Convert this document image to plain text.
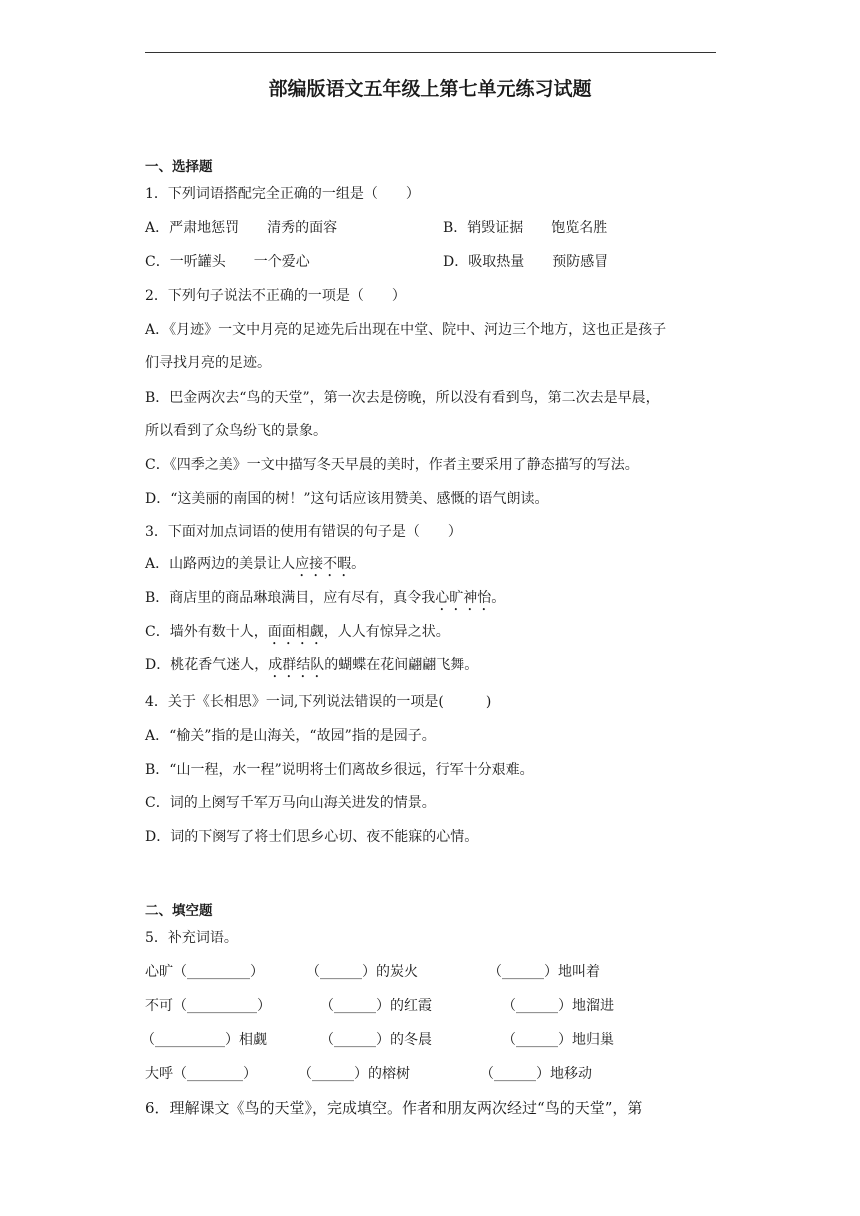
部编版语文五年级上第七单元练习试题
一、选择题
1．下列词语搭配完全正确的一组是（　　）
A．严肃地惩罚　　清秀的面容	B．销毁证据　　饱览名胜
C．一听罐头　　一个爱心	D．吸取热量　　预防感冒
2．下列句子说法不正确的一项是（　　）
A．《月迹》一文中月亮的足迹先后出现在中堂、院中、河边三个地方，这也正是孩子
们寻找月亮的足迹。
B．巴金两次去“鸟的天堂”，第一次去是傍晚，所以没有看到鸟，第二次去是早晨，
所以看到了众鸟纷飞的景象。
C．《四季之美》一文中描写冬天早晨的美时，作者主要采用了静态描写的写法。
D．“这美丽的南国的树！”这句话应该用赞美、感慨的语气朗读。
3．下面对加点词语的使用有错误的句子是（　　）
A．山路两边的美景让人应接不暇。
B．商店里的商品琳琅满目，应有尽有，真令我心旷神怡。
C．墙外有数十人，面面相觑，人人有惊异之状。
D．桃花香气迷人，成群结队的蝴蝶在花间翩翩飞舞。
4．关于《长相思》一词,下列说法错误的一项是(　　　)
A．“榆关”指的是山海关，“故园”指的是园子。
B．“山一程，水一程”说明将士们离故乡很远，行军十分艰难。
C．词的上阕写千军万马向山海关进发的情景。
D．词的下阕写了将士们思乡心切、夜不能寐的心情。
二、填空题
5．补充词语。
心旷（_________）	（______）的炭火	（______）地叫着
不可（__________）	（______）的红霞	（______）地溜进
（__________）相觑	（______）的冬晨	（______）地归巢
大呼（________）	（______）的榕树	（______）地移动
6．理解课文《鸟的天堂》，完成填空。作者和朋友两次经过“鸟的天堂”，第
